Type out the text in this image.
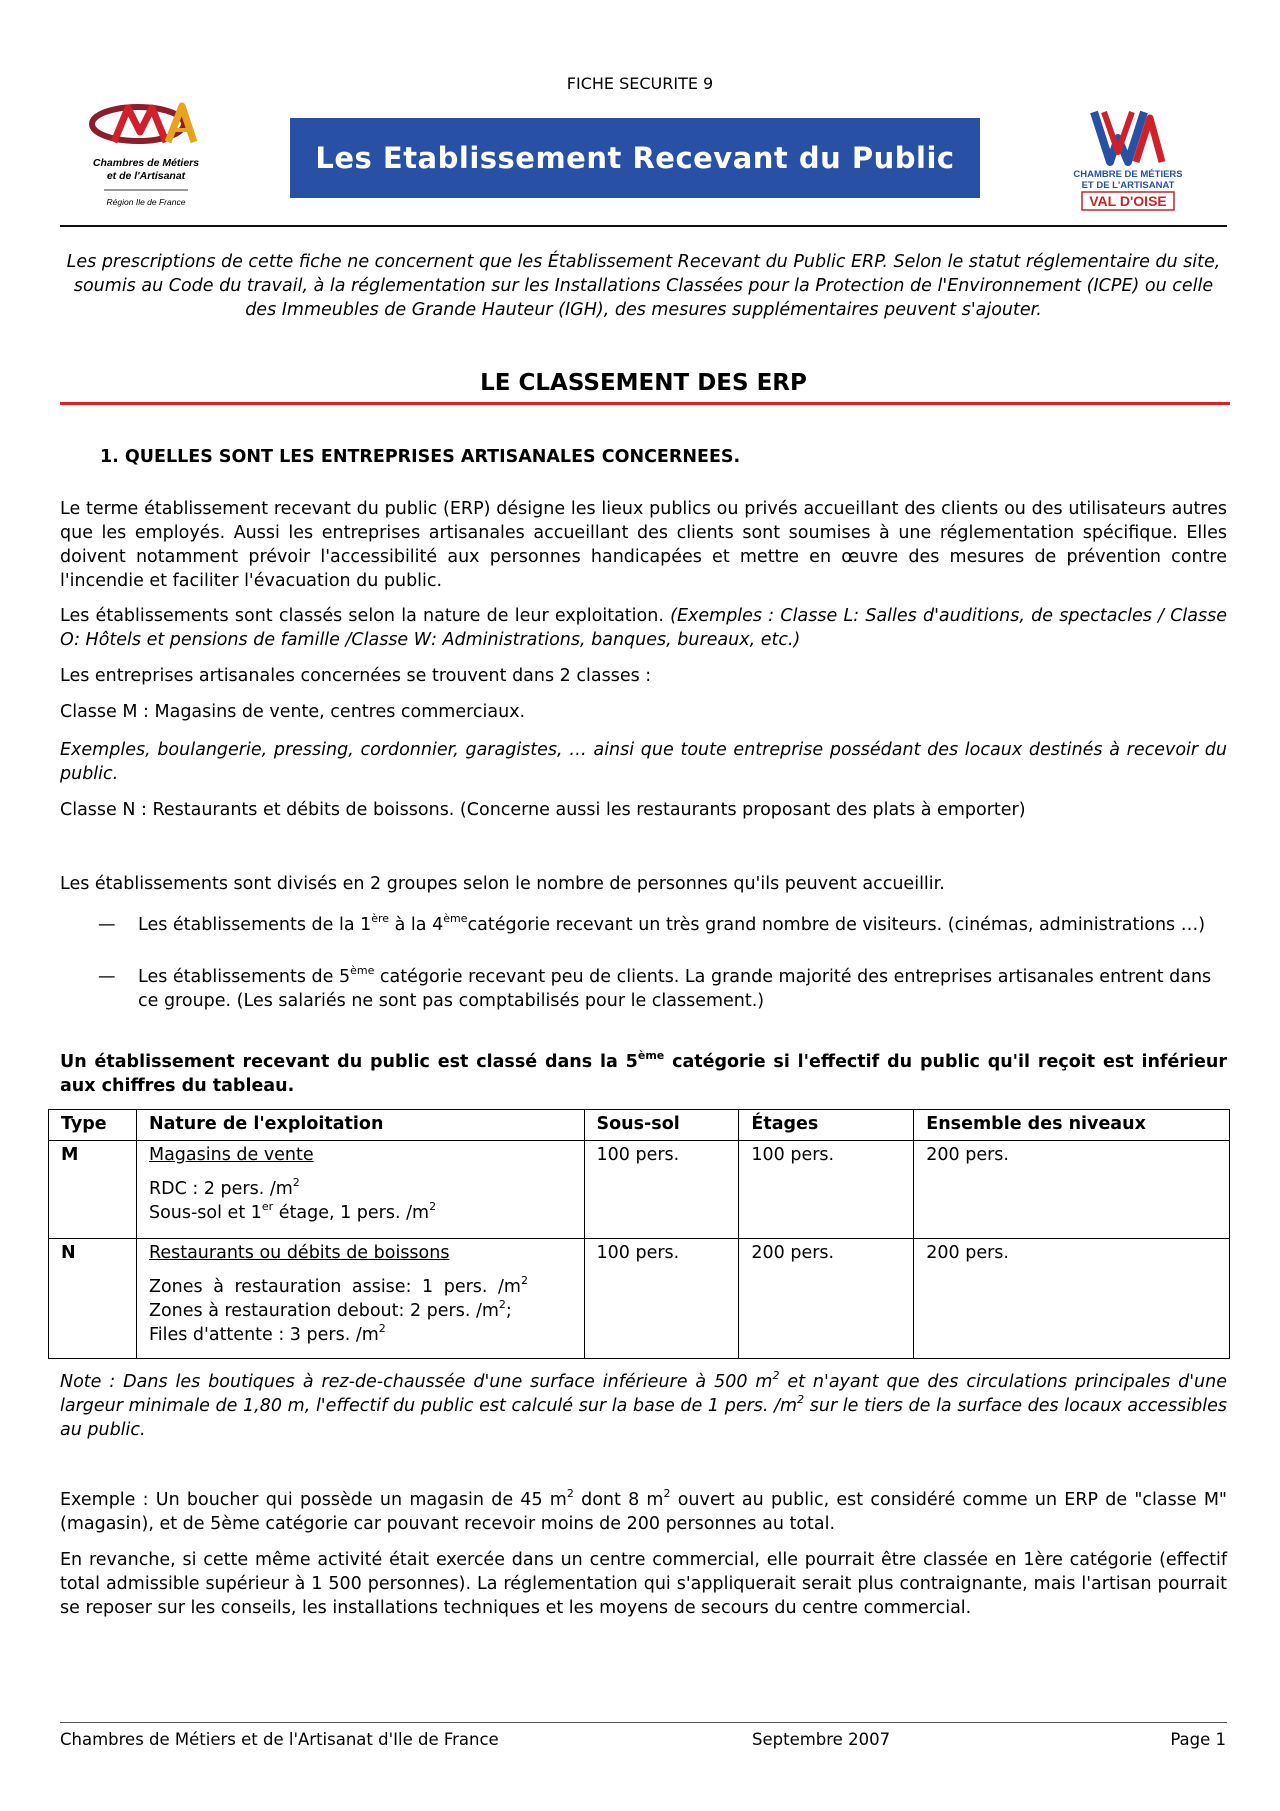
FICHE SECURITE 9
Chambres de Métiers
et de l'Artisanat
Région Ile de France
Les Etablissement Recevant du Public	CHAMBRE DE MÉTIERS
ET DE L'ARTISANAT
VAL D'OISE
Les prescriptions de cette fiche ne concernent que les Établissement Recevant du Public ERP. Selon le statut réglementaire du site, soumis au Code du travail, à la réglementation sur les Installations Classées pour la Protection de l'Environnement (ICPE) ou celle des Immeubles de Grande Hauteur (IGH), des mesures supplémentaires peuvent s'ajouter.
LE CLASSEMENT DES ERP
1. QUELLES SONT LES ENTREPRISES ARTISANALES CONCERNEES.
Le terme établissement recevant du public (ERP) désigne les lieux publics ou privés accueillant des clients ou des utilisateurs autres que les employés. Aussi les entreprises artisanales accueillant des clients sont soumises à une réglementation spécifique. Elles doivent notamment prévoir l'accessibilité aux personnes handicapées et mettre en œuvre des mesures de prévention contre l'incendie et faciliter l'évacuation du public.
Les établissements sont classés selon la nature de leur exploitation. (Exemples : Classe L: Salles d'auditions, de spectacles / Classe O: Hôtels et pensions de famille /Classe W: Administrations, banques, bureaux, etc.)
Les entreprises artisanales concernées se trouvent dans 2 classes :
Classe M : Magasins de vente, centres commerciaux.
Exemples, boulangerie, pressing, cordonnier, garagistes, … ainsi que toute entreprise possédant des locaux destinés à recevoir du public.
Classe N : Restaurants et débits de boissons. (Concerne aussi les restaurants proposant des plats à emporter)
Les établissements sont divisés en 2 groupes selon le nombre de personnes qu'ils peuvent accueillir.
— Les établissements de la 1ère à la 4èmecatégorie recevant un très grand nombre de visiteurs. (cinémas, administrations …)
— Les établissements de 5ème catégorie recevant peu de clients. La grande majorité des entreprises artisanales entrent dans ce groupe. (Les salariés ne sont pas comptabilisés pour le classement.)
Un établissement recevant du public est classé dans la 5ème catégorie si l'effectif du public qu'il reçoit est inférieur aux chiffres du tableau.
Type	Nature de l'exploitation	Sous-sol	Étages	Ensemble des niveaux
M	Magasins de vente
RDC : 2 pers. $/m^2$
Sous-sol et 1er étage, 1 pers. $/m^2$	100 pers.	100 pers.	200 pers.
N	Restaurants ou débits de boissons
Zones à restauration assise: 1 pers. $/m^2$
Zones à restauration debout: 2 pers. $/m^2$;
Files d'attente : 3 pers. $/m^2$	100 pers.	200 pers.	200 pers.
Note : Dans les boutiques à rez-de-chaussée d'une surface inférieure à 500 $m^2$ et n'ayant que des circulations principales d'une largeur minimale de 1,80 m, l'effectif du public est calculé sur la base de 1 pers. $/m^2$ sur le tiers de la surface des locaux accessibles au public.
Exemple : Un boucher qui possède un magasin de 45 $m^2$ dont 8 $m^2$ ouvert au public, est considéré comme un ERP de "classe M" (magasin), et de 5ème catégorie car pouvant recevoir moins de 200 personnes au total.
En revanche, si cette même activité était exercée dans un centre commercial, elle pourrait être classée en 1ère catégorie (effectif total admissible supérieur à 1 500 personnes). La réglementation qui s'appliquerait serait plus contraignante, mais l'artisan pourrait se reposer sur les conseils, les installations techniques et les moyens de secours du centre commercial.
Chambres de Métiers et de l'Artisanat d'Ile de France	Septembre 2007	Page 1
